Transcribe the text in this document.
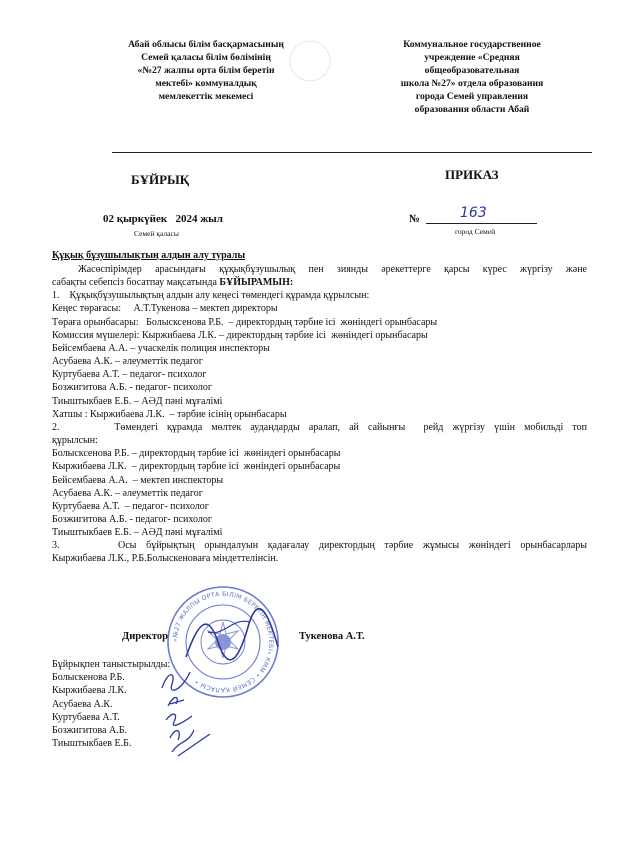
Абай облысы білім басқармасының
Семей қаласы білім бөлімінің
«№27 жалпы орта білім беретін
мектебі» коммуналдық
мемлекеттік мекемесі
Коммунальное государственное
учреждение «Средняя
общеобразовательная
школа №27» отдела образования
города Семей управления
образования области Абай
БҰЙРЫҚ	ПРИКАЗ
02 қыркүйек   2024 жыл
Семей қаласы
№	163
город Семей
Құқық бұзушылықтың алдын алу туралы
Жасөспірімдер арасындағы құқықбұзушылық пен зиянды әрекеттерге қарсы күрес жүргізу және
сабақты себепсіз босатпау мақсатында БҰЙЫРАМЫН:
1.    Құқықбұзушылықтың алдын алу кеңесі төмендегі құрамда құрылсын:
Кеңес төрағасы:     А.Т.Тукенова – мектеп директоры
Төраға орынбасары:   Болысксенова Р.Б.  – директордың тәрбие ісі  жөніндегі орынбасары
Комиссия мүшелері: Кыржибаева Л.К. – директордың тәрбие ісі  жөніндегі орынбасары
Бейсембаева А.А. – учаскелік полиция инспекторы
Асубаева А.К. – әлеуметтік педагог
Куртубаева А.Т. – педагог- психолог
Бозжигитова А.Б. - педагог- психолог
Тиыштыкбаев Е.Б. – АӘД пәні мұғалімі
Хатшы : Кыржибаева Л.К.  – тәрбие ісінің орынбасары
2.      Төмендегі құрамда мөлтек аудандарды аралап, ай сайынғы  рейд жүргізу үшін мобильді топ
құрылсын:
Болысксенова Р.Б. – директордың тәрбие ісі  жөніндегі орынбасары
Кыржибаева Л.К.  – директордың тәрбие ісі  жөніндегі орынбасары
Бейсембаева А.А.  – мектеп инспекторы
Асубаева А.К. – әлеуметтік педагог
Куртубаева А.Т.  – педагог- психолог
Бозжигитова А.Б. - педагог- психолог
Тиыштыкбаев Е.Б. – АӘД пәні мұғалімі
3.      Осы бұйрықтың орындалуын қадағалау директордың тәрбие жұмысы жөніндегі орынбасарлары
Кыржибаева Л.К., Р.Б.Болыскеноваға міндеттелінсін.
«№27 ЖАЛПЫ ОРТА БІЛІМ БЕРЕТІН МЕКТЕБІ» КММ • СЕМЕЙ ҚАЛАСЫ •
Директор	Тукенова А.Т.
Бұйрықпен таныстырылды:
Болыскенова Р.Б.
Кыржибаева Л.К.
Асубаева А.К.
Куртубаева А.Т.
Бозжигитова А.Б.
Тиыштыкбаев Е.Б.
